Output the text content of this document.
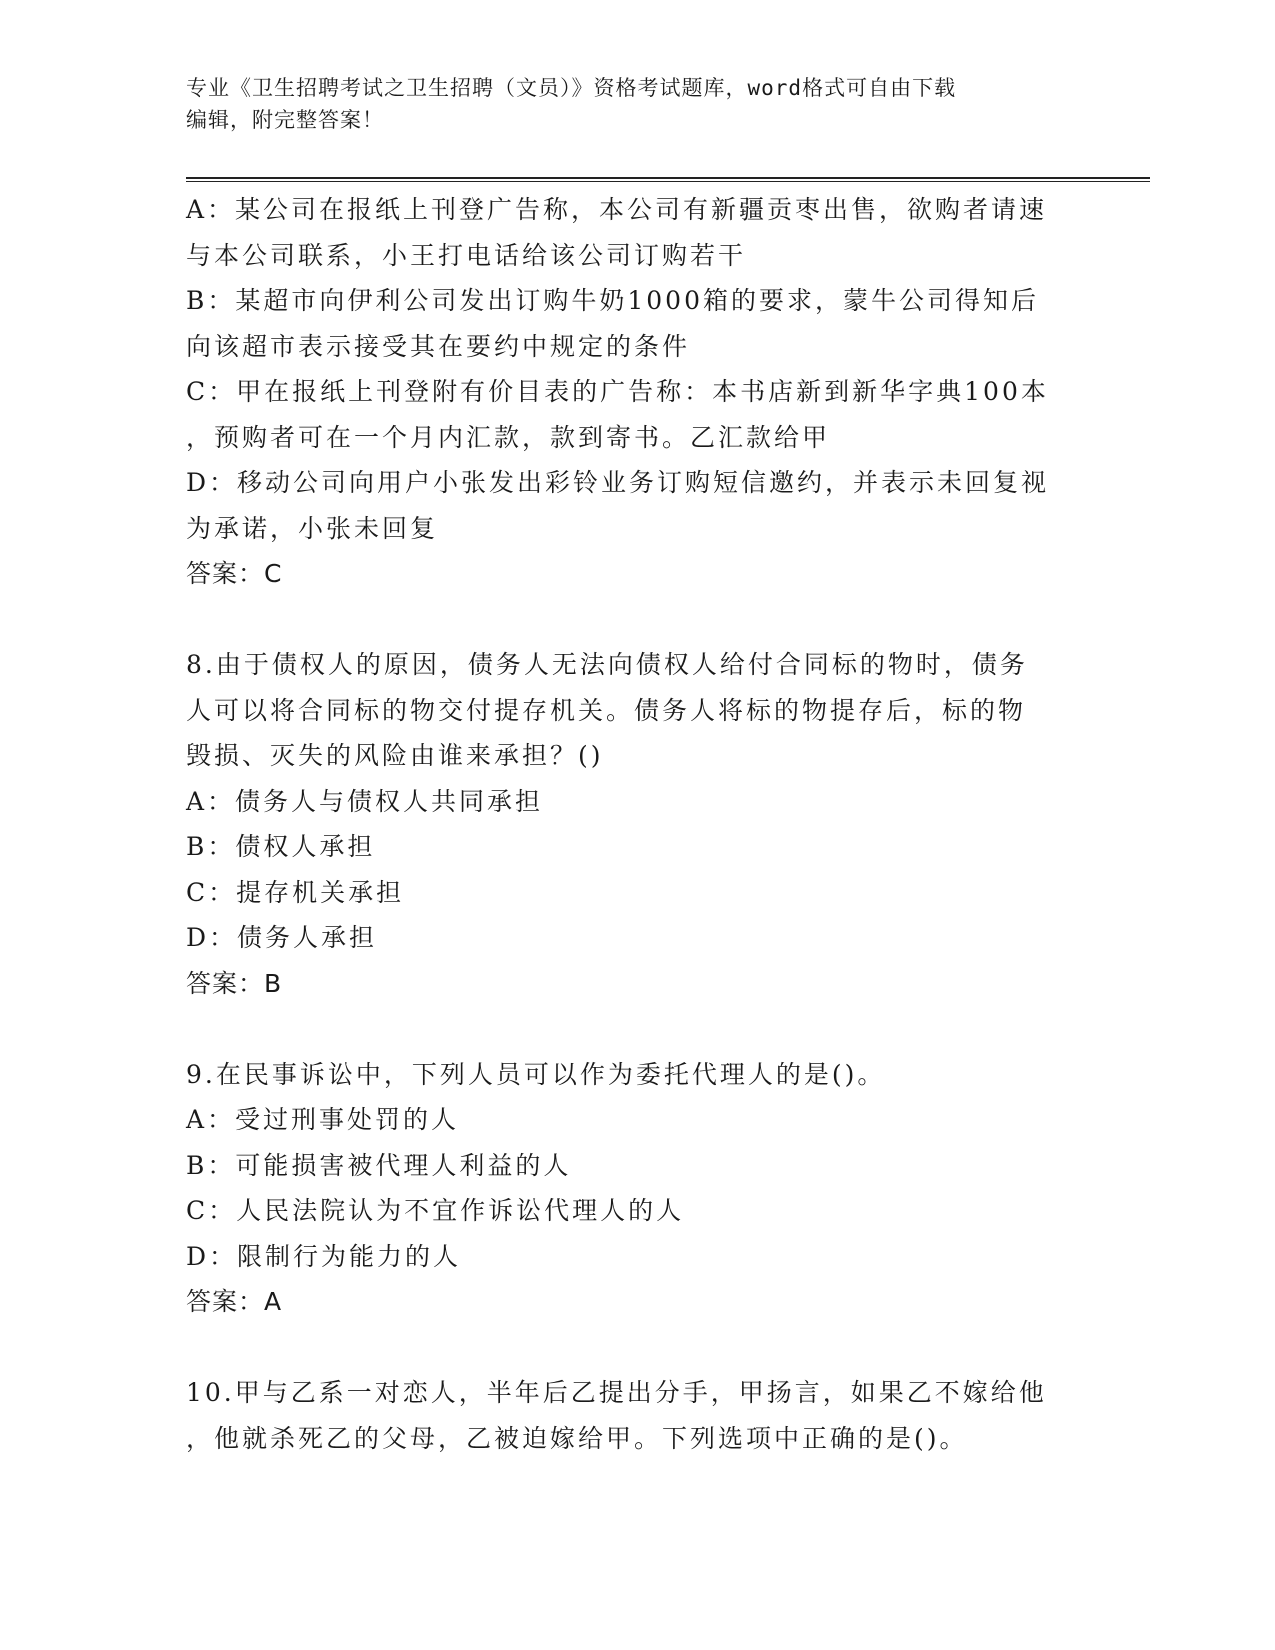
专业《卫生招聘考试之卫生招聘（文员）》资格考试题库，word格式可自由下载
编辑，附完整答案！
A：某公司在报纸上刊登广告称，本公司有新疆贡枣出售，欲购者请速
与本公司联系，小王打电话给该公司订购若干
B：某超市向伊利公司发出订购牛奶1000箱的要求，蒙牛公司得知后
向该超市表示接受其在要约中规定的条件
C：甲在报纸上刊登附有价目表的广告称：本书店新到新华字典100本
，预购者可在一个月内汇款，款到寄书。乙汇款给甲
D：移动公司向用户小张发出彩铃业务订购短信邀约，并表示未回复视
为承诺，小张未回复
答案：C
8.由于债权人的原因，债务人无法向债权人给付合同标的物时，债务
人可以将合同标的物交付提存机关。债务人将标的物提存后，标的物
毁损、灭失的风险由谁来承担？()
A：债务人与债权人共同承担
B：债权人承担
C：提存机关承担
D：债务人承担
答案：B
9.在民事诉讼中，下列人员可以作为委托代理人的是()。
A：受过刑事处罚的人
B：可能损害被代理人利益的人
C：人民法院认为不宜作诉讼代理人的人
D：限制行为能力的人
答案：A
10.甲与乙系一对恋人，半年后乙提出分手，甲扬言，如果乙不嫁给他
，他就杀死乙的父母，乙被迫嫁给甲。下列选项中正确的是()。
